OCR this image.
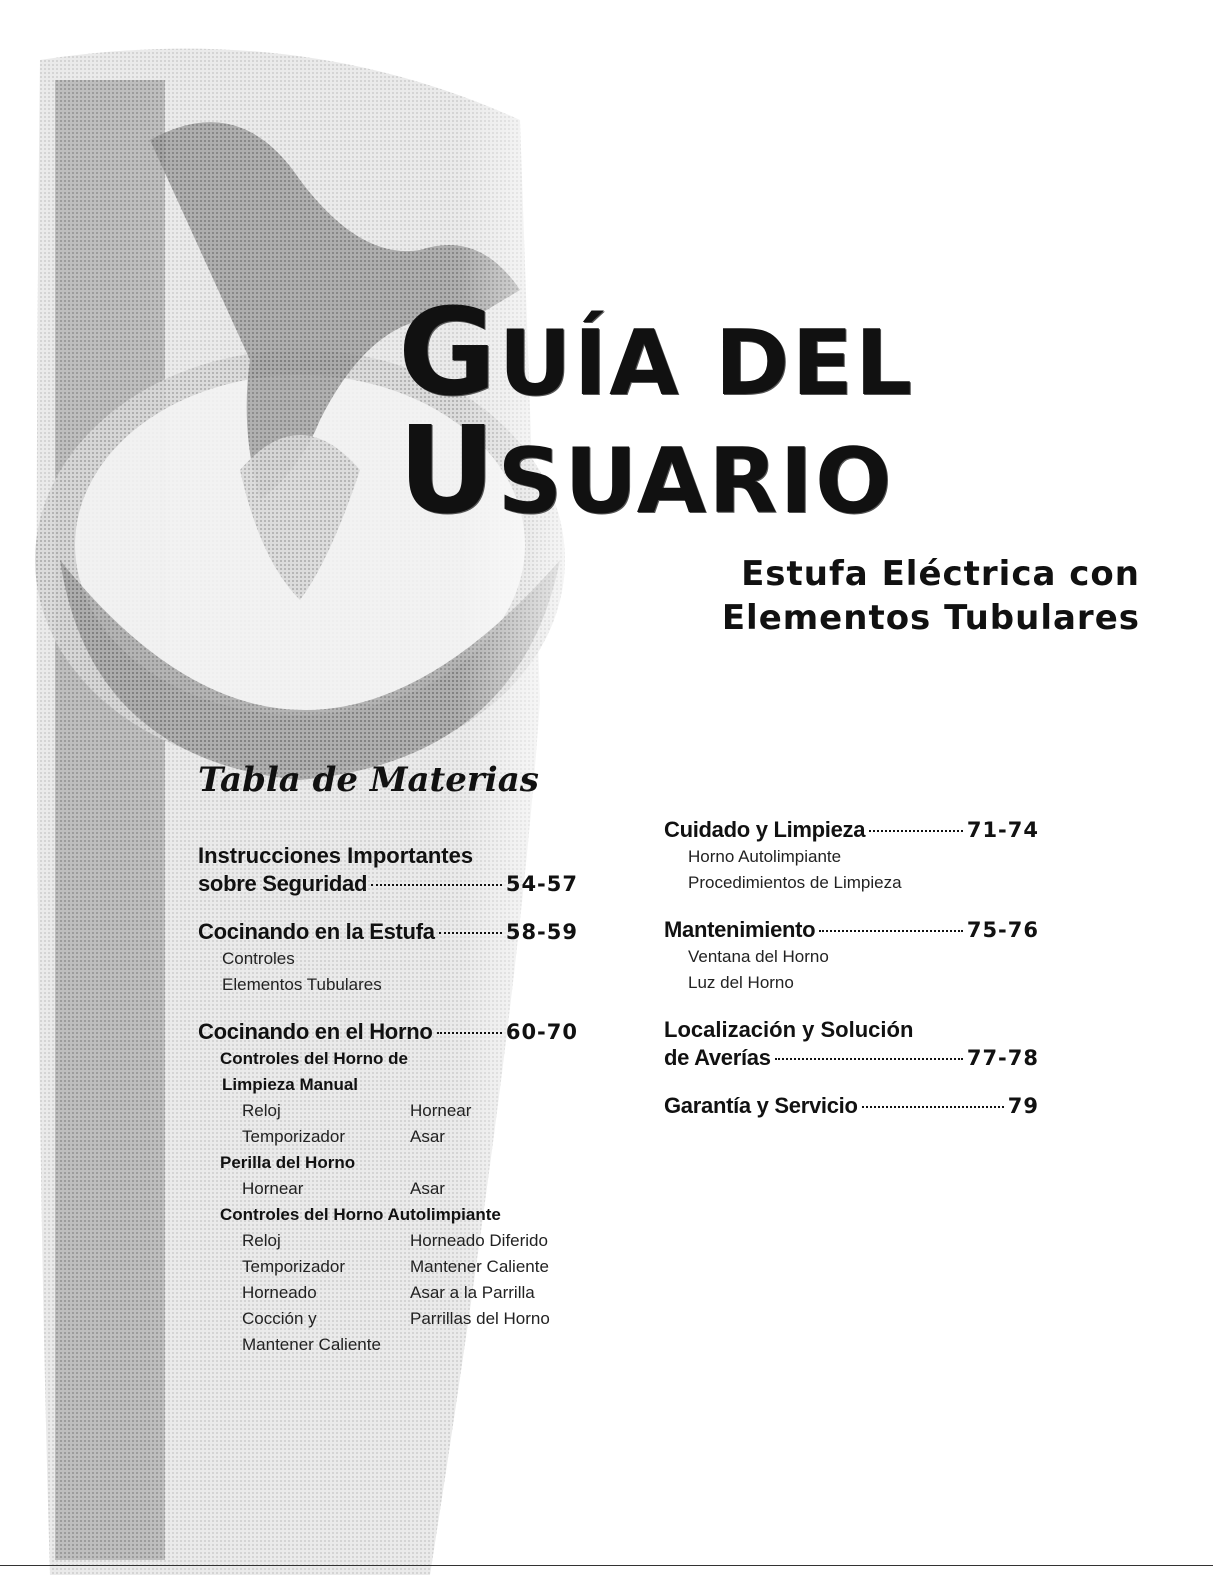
GUÍA DEL
USUARIO
Estufa Eléctrica con
Elementos Tubulares
Tabla de Materias
Instrucciones Importantes
sobre Seguridad	54-57
Cocinando en la Estufa	58-59
Controles
Elementos Tubulares
Cocinando en el Horno	60-70
Controles del Horno de
Limpieza Manual
Reloj	Hornear
Temporizador	Asar
Perilla del Horno
Hornear	Asar
Controles del Horno Autolimpiante
Reloj	Horneado Diferido
Temporizador	Mantener Caliente
Horneado	Asar a la Parrilla
Cocción y	Parrillas del Horno
Mantener Caliente
Cuidado y Limpieza	71-74
Horno Autolimpiante
Procedimientos de Limpieza
Mantenimiento	75-76
Ventana del Horno
Luz del Horno
Localización y Solución
de Averías	77-78
Garantía y Servicio	79
